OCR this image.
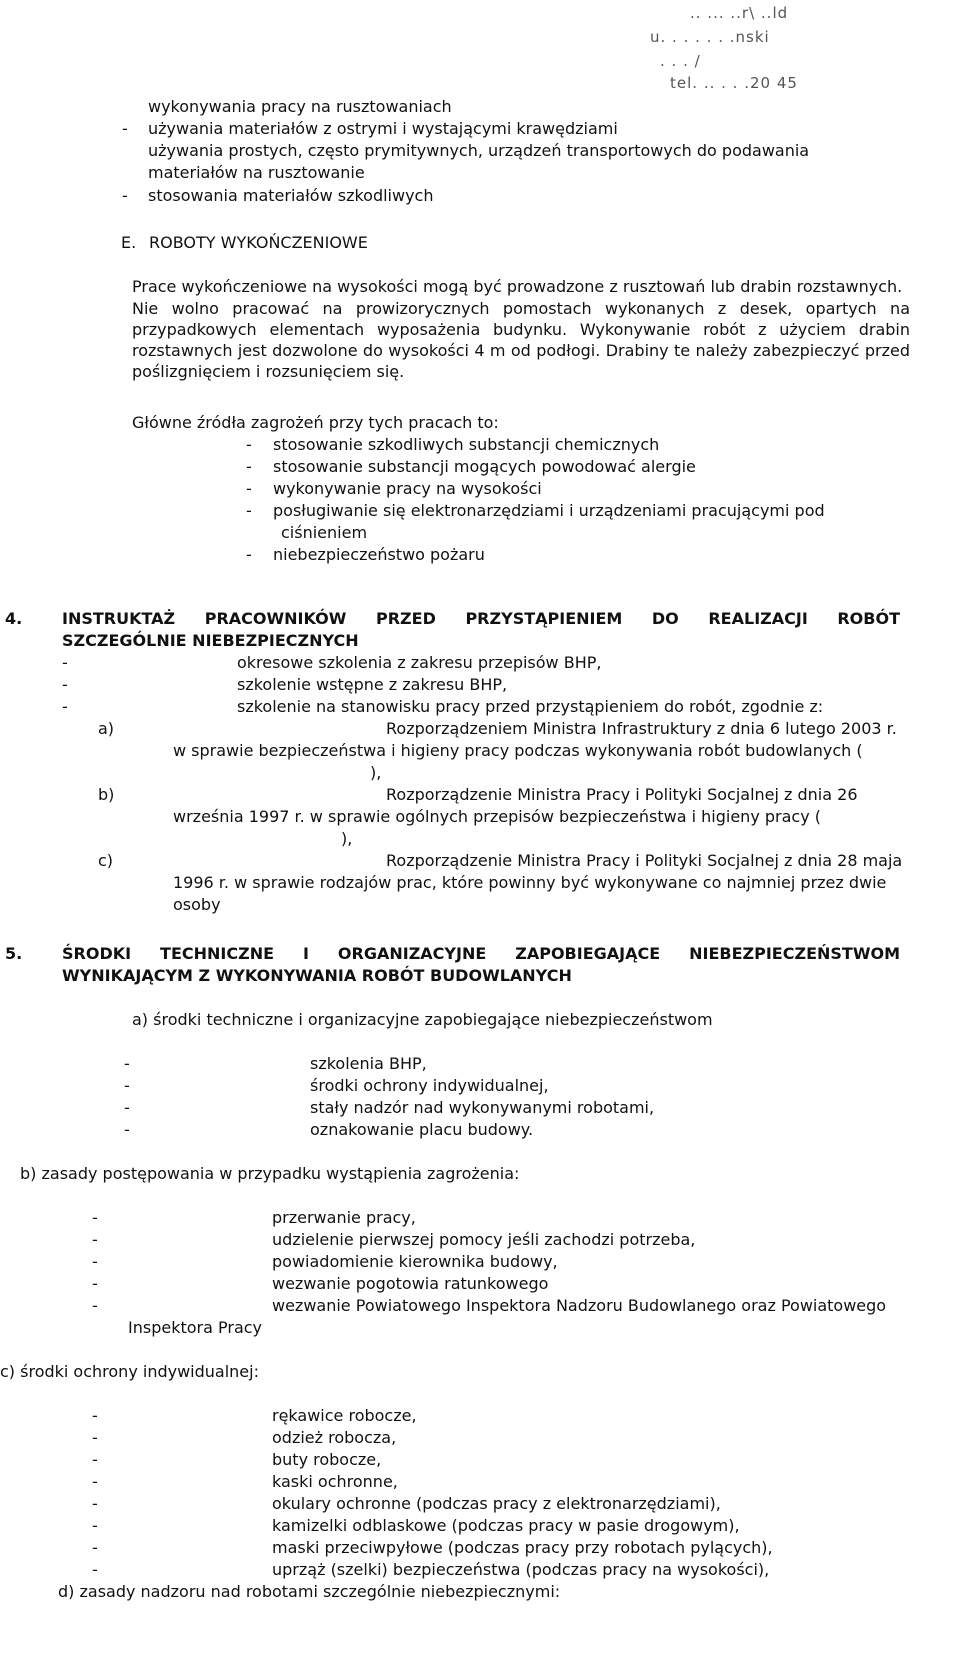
.. ... ..r\ ..ld
u. . . . . . .nski
. . . /
tel. .. . . .20 45
wykonywania pracy na rusztowaniach
- używania materiałów z ostrymi i wystającymi krawędziami
używania prostych, często prymitywnych, urządzeń transportowych do podawania
materiałów na rusztowanie
- stosowania materiałów szkodliwych
E. ROBOTY WYKOŃCZENIOWE
Prace wykończeniowe na wysokości mogą być prowadzone z rusztowań lub drabin rozstawnych.
Nie wolno pracować na prowizorycznych pomostach wykonanych z desek, opartych na przypadkowych elementach wyposażenia budynku. Wykonywanie robót z użyciem drabin rozstawnych jest dozwolone do wysokości 4 m od podłogi. Drabiny te należy zabezpieczyć przed poślizgnięciem i rozsunięciem się.
Główne źródła zagrożeń przy tych pracach to:
- stosowanie szkodliwych substancji chemicznych
- stosowanie substancji mogących powodować alergie
- wykonywanie pracy na wysokości
- posługiwanie się elektronarzędziami i urządzeniami pracującymi pod
ciśnieniem
- niebezpieczeństwo pożaru
4. INSTRUKTAŻ PRACOWNIKÓW PRZED PRZYSTĄPIENIEM DO REALIZACJI ROBÓT
SZCZEGÓLNIE NIEBEZPIECZNYCH
-	okresowe szkolenia z zakresu przepisów BHP,
-	szkolenie wstępne z zakresu BHP,
-	szkolenie na stanowisku pracy przed przystąpieniem do robót, zgodnie z:
a)	Rozporządzeniem Ministra Infrastruktury z dnia 6 lutego 2003 r.
w sprawie bezpieczeństwa i higieny pracy podczas wykonywania robót budowlanych (
),
b)	Rozporządzenie Ministra Pracy i Polityki Socjalnej z dnia 26
września 1997 r. w sprawie ogólnych przepisów bezpieczeństwa i higieny pracy (
),
c)	Rozporządzenie Ministra Pracy i Polityki Socjalnej z dnia 28 maja
1996 r. w sprawie rodzajów prac, które powinny być wykonywane co najmniej przez dwie
osoby
5. ŚRODKI TECHNICZNE I ORGANIZACYJNE ZAPOBIEGAJĄCE NIEBEZPIECZEŃSTWOM
WYNIKAJĄCYM Z WYKONYWANIA ROBÓT BUDOWLANYCH
a) środki techniczne i organizacyjne zapobiegające niebezpieczeństwom
-	szkolenia BHP,
-	środki ochrony indywidualnej,
-	stały nadzór nad wykonywanymi robotami,
-	oznakowanie placu budowy.
b) zasady postępowania w przypadku wystąpienia zagrożenia:
-	przerwanie pracy,
-	udzielenie pierwszej pomocy jeśli zachodzi potrzeba,
-	powiadomienie kierownika budowy,
-	wezwanie pogotowia ratunkowego
-	wezwanie Powiatowego Inspektora Nadzoru Budowlanego oraz Powiatowego
Inspektora Pracy
c) środki ochrony indywidualnej:
-	rękawice robocze,
-	odzież robocza,
-	buty robocze,
-	kaski ochronne,
-	okulary ochronne (podczas pracy z elektronarzędziami),
-	kamizelki odblaskowe (podczas pracy w pasie drogowym),
-	maski przeciwpyłowe (podczas pracy przy robotach pylących),
-	uprząż (szelki) bezpieczeństwa (podczas pracy na wysokości),
d) zasady nadzoru nad robotami szczególnie niebezpiecznymi:
